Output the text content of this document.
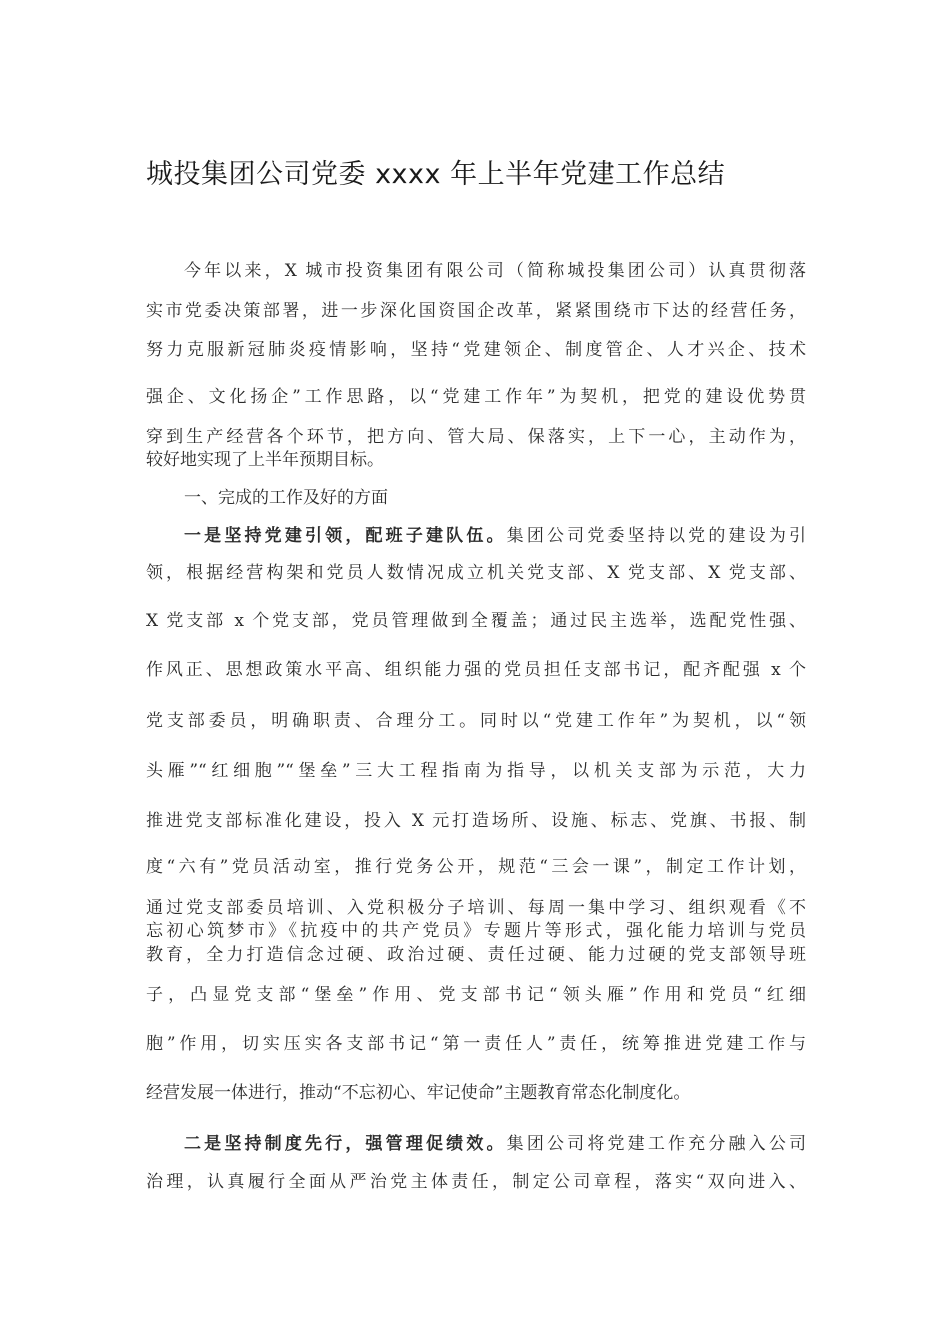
城投集团公司党委 xxxx 年上半年党建工作总结
今年以来，X 城市投资集团有限公司（简称城投集团公司）认真贯彻落
实市党委决策部署，进一步深化国资国企改革，紧紧围绕市下达的经营任务，
努力克服新冠肺炎疫情影响，坚持“党建领企、制度管企、人才兴企、技术
强企、文化扬企”工作思路，以“党建工作年”为契机，把党的建设优势贯
穿到生产经营各个环节，把方向、管大局、保落实，上下一心，主动作为，
较好地实现了上半年预期目标。
一、完成的工作及好的方面
一是坚持党建引领，配班子建队伍。集团公司党委坚持以党的建设为引
领，根据经营构架和党员人数情况成立机关党支部、X 党支部、X 党支部、
X 党支部 x 个党支部，党员管理做到全覆盖；通过民主选举，选配党性强、
作风正、思想政策水平高、组织能力强的党员担任支部书记，配齐配强 x 个
党支部委员，明确职责、合理分工。同时以“党建工作年”为契机，以“领
头雁”“红细胞”“堡垒”三大工程指南为指导，以机关支部为示范，大力
推进党支部标准化建设，投入 X 元打造场所、设施、标志、党旗、书报、制
度“六有”党员活动室，推行党务公开，规范“三会一课”，制定工作计划，
通过党支部委员培训、入党积极分子培训、每周一集中学习、组织观看《不
忘初心筑梦市》《抗疫中的共产党员》专题片等形式，强化能力培训与党员
教育，全力打造信念过硬、政治过硬、责任过硬、能力过硬的党支部领导班
子，凸显党支部“堡垒”作用、党支部书记“领头雁”作用和党员“红细
胞”作用，切实压实各支部书记“第一责任人”责任，统筹推进党建工作与
经营发展一体进行，推动“不忘初心、牢记使命”主题教育常态化制度化。
二是坚持制度先行，强管理促绩效。集团公司将党建工作充分融入公司
治理，认真履行全面从严治党主体责任，制定公司章程，落实“双向进入、
